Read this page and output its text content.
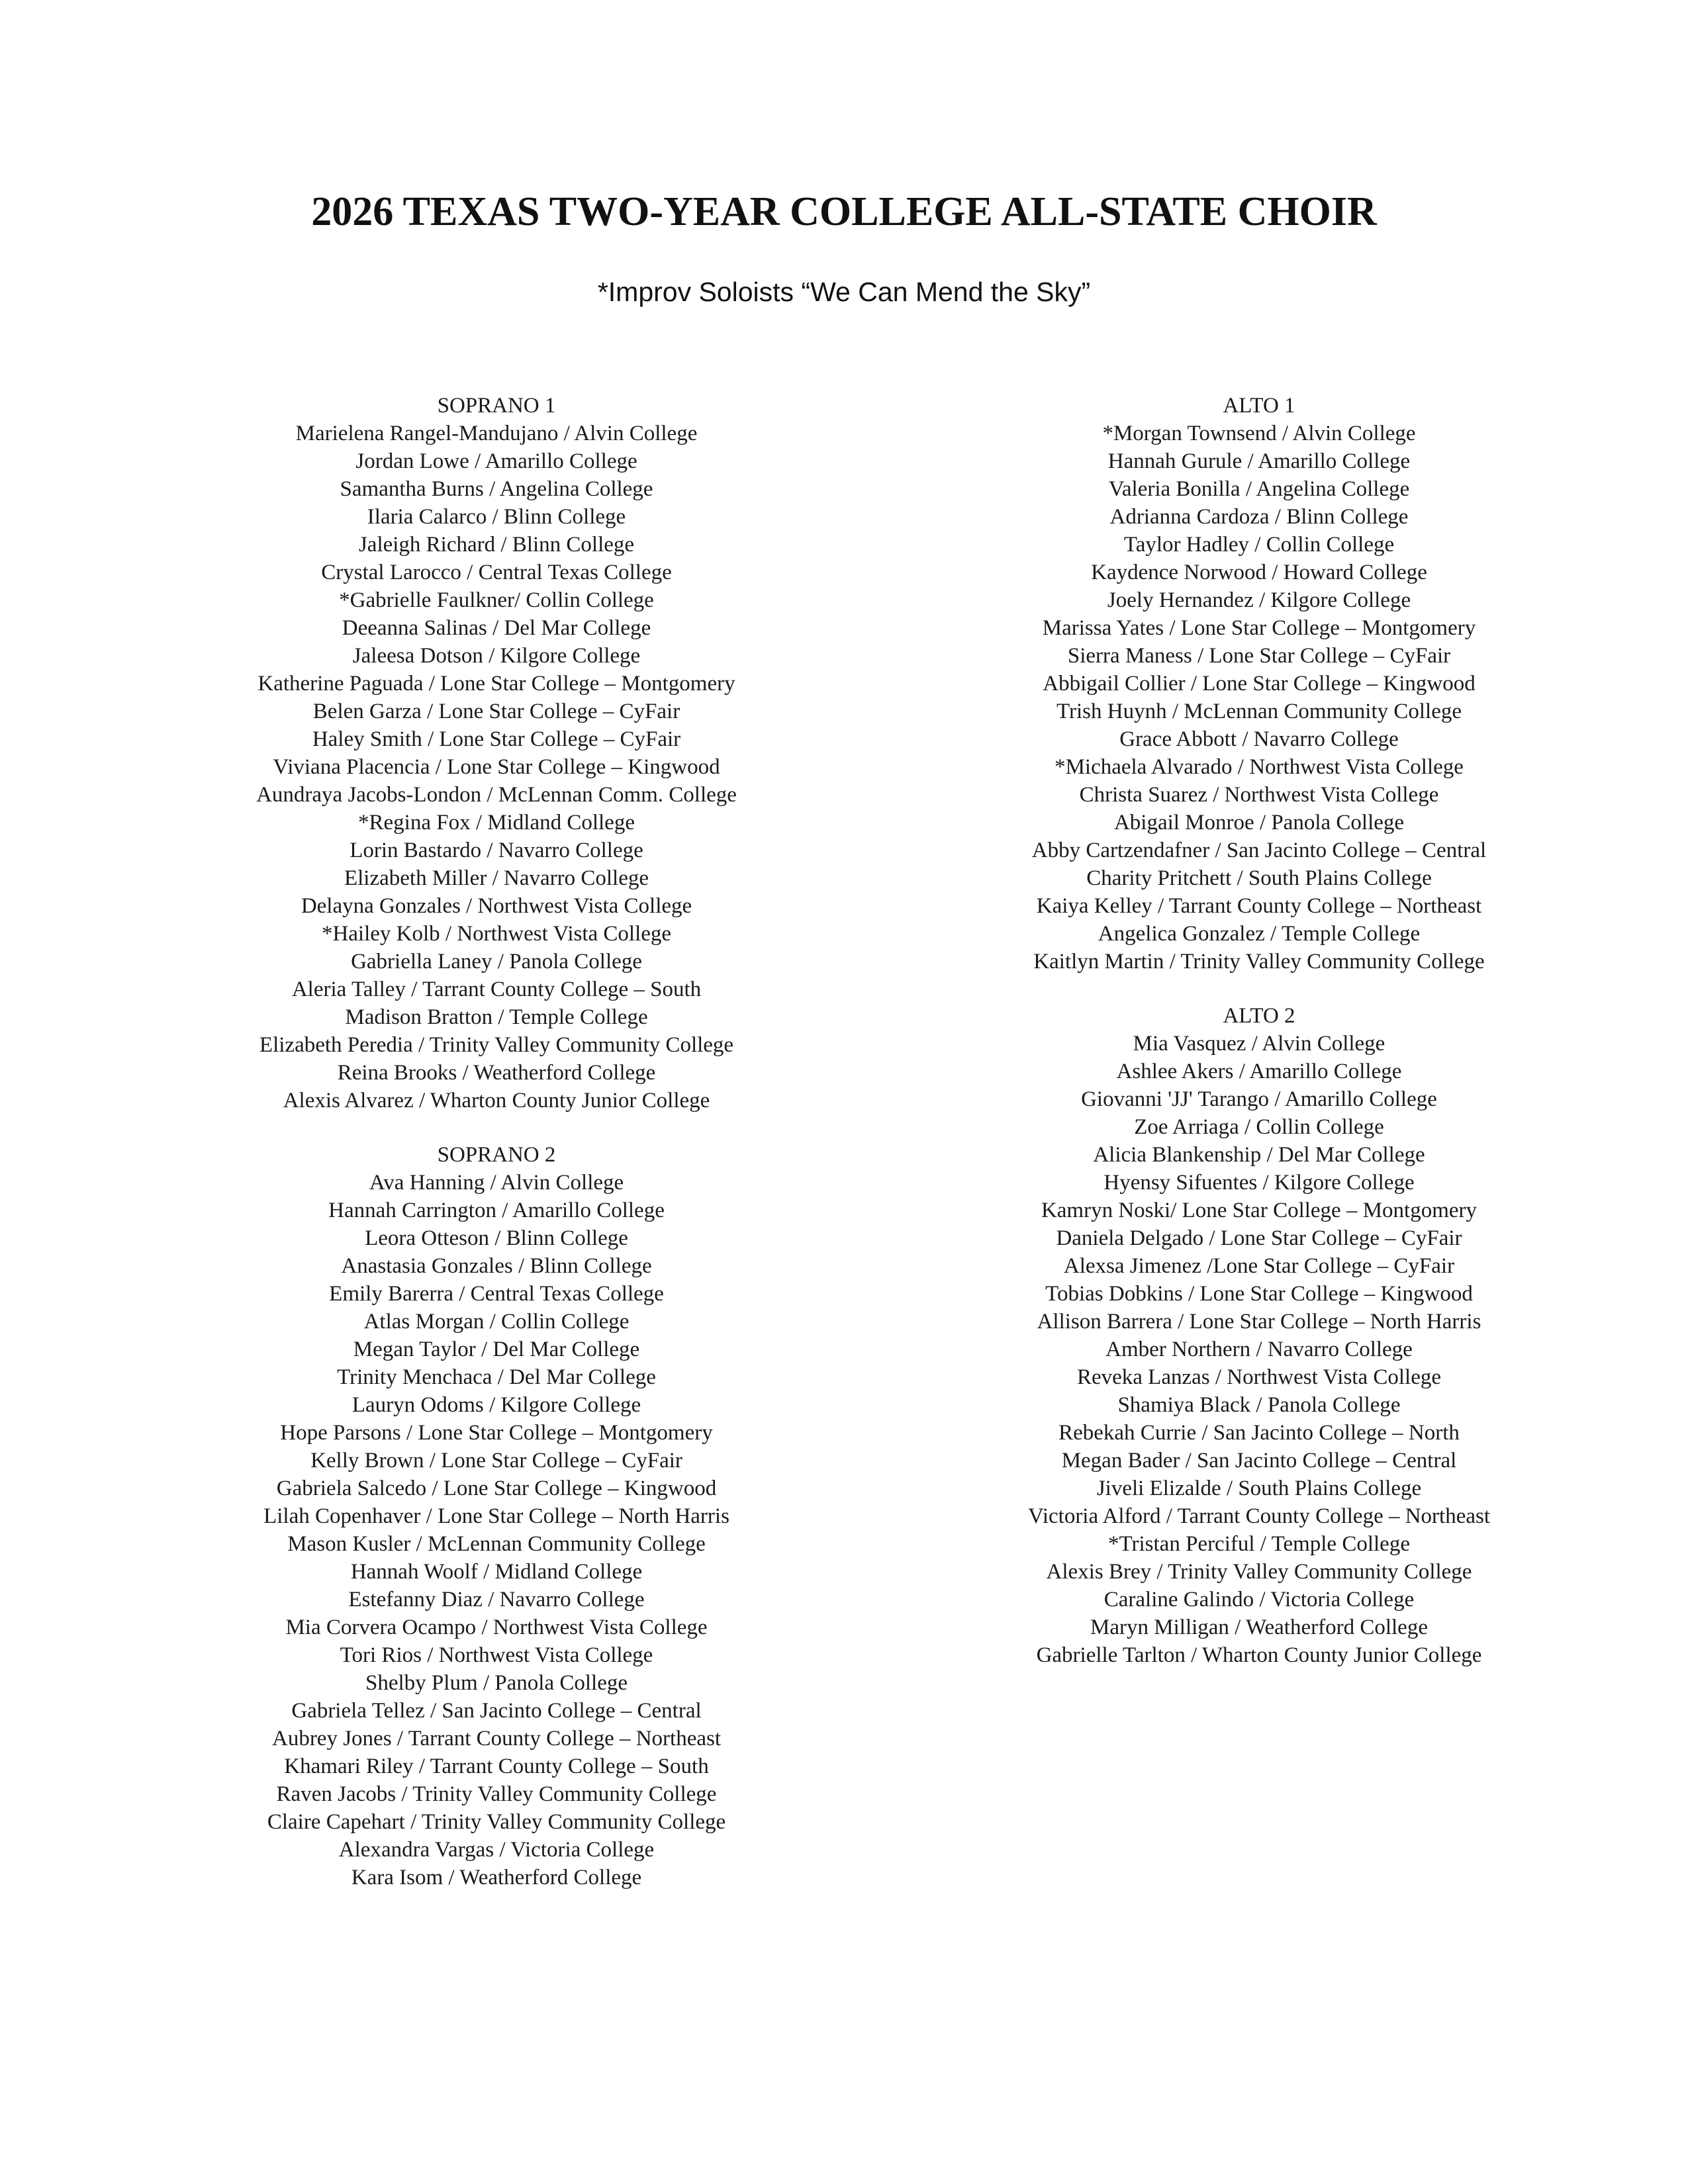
2026 TEXAS TWO-YEAR COLLEGE ALL-STATE CHOIR
*Improv Soloists “We Can Mend the Sky”
SOPRANO 1
Marielena Rangel-Mandujano / Alvin College
Jordan Lowe / Amarillo College
Samantha Burns / Angelina College
Ilaria Calarco / Blinn College
Jaleigh Richard / Blinn College
Crystal Larocco / Central Texas College
*Gabrielle Faulkner/ Collin College
Deeanna Salinas / Del Mar College
Jaleesa Dotson / Kilgore College
Katherine Paguada / Lone Star College – Montgomery
Belen Garza / Lone Star College – CyFair
Haley Smith / Lone Star College – CyFair
Viviana Placencia / Lone Star College – Kingwood
Aundraya Jacobs-London / McLennan Comm. College
*Regina Fox / Midland College
Lorin Bastardo / Navarro College
Elizabeth Miller / Navarro College
Delayna Gonzales / Northwest Vista College
*Hailey Kolb / Northwest Vista College
Gabriella Laney / Panola College
Aleria Talley / Tarrant County College – South
Madison Bratton / Temple College
Elizabeth Peredia / Trinity Valley Community College
Reina Brooks / Weatherford College
Alexis Alvarez / Wharton County Junior College
SOPRANO 2
Ava Hanning / Alvin College
Hannah Carrington / Amarillo College
Leora Otteson / Blinn College
Anastasia Gonzales / Blinn College
Emily Barerra / Central Texas College
Atlas Morgan / Collin College
Megan Taylor / Del Mar College
Trinity Menchaca / Del Mar College
Lauryn Odoms / Kilgore College
Hope Parsons / Lone Star College – Montgomery
Kelly Brown / Lone Star College – CyFair
Gabriela Salcedo / Lone Star College – Kingwood
Lilah Copenhaver / Lone Star College – North Harris
Mason Kusler / McLennan Community College
Hannah Woolf / Midland College
Estefanny Diaz / Navarro College
Mia Corvera Ocampo / Northwest Vista College
Tori Rios / Northwest Vista College
Shelby Plum / Panola College
Gabriela Tellez / San Jacinto College – Central
Aubrey Jones / Tarrant County College – Northeast
Khamari Riley / Tarrant County College – South
Raven Jacobs / Trinity Valley Community College
Claire Capehart / Trinity Valley Community College
Alexandra Vargas / Victoria College
Kara Isom / Weatherford College
ALTO 1
*Morgan Townsend / Alvin College
Hannah Gurule / Amarillo College
Valeria Bonilla / Angelina College
Adrianna Cardoza / Blinn College
Taylor Hadley / Collin College
Kaydence Norwood / Howard College
Joely Hernandez / Kilgore College
Marissa Yates / Lone Star College – Montgomery
Sierra Maness / Lone Star College – CyFair
Abbigail Collier / Lone Star College – Kingwood
Trish Huynh / McLennan Community College
Grace Abbott / Navarro College
*Michaela Alvarado / Northwest Vista College
Christa Suarez / Northwest Vista College
Abigail Monroe / Panola College
Abby Cartzendafner / San Jacinto College – Central
Charity Pritchett / South Plains College
Kaiya Kelley / Tarrant County College – Northeast
Angelica Gonzalez / Temple College
Kaitlyn Martin / Trinity Valley Community College
ALTO 2
Mia Vasquez / Alvin College
Ashlee Akers / Amarillo College
Giovanni 'JJ' Tarango / Amarillo College
Zoe Arriaga / Collin College
Alicia Blankenship / Del Mar College
Hyensy Sifuentes / Kilgore College
Kamryn Noski/ Lone Star College – Montgomery
Daniela Delgado / Lone Star College – CyFair
Alexsa Jimenez /Lone Star College – CyFair
Tobias Dobkins / Lone Star College – Kingwood
Allison Barrera / Lone Star College – North Harris
Amber Northern / Navarro College
Reveka Lanzas / Northwest Vista College
Shamiya Black / Panola College
Rebekah Currie / San Jacinto College – North
Megan Bader / San Jacinto College – Central
Jiveli Elizalde / South Plains College
Victoria Alford / Tarrant County College – Northeast
*Tristan Perciful / Temple College
Alexis Brey / Trinity Valley Community College
Caraline Galindo / Victoria College
Maryn Milligan / Weatherford College
Gabrielle Tarlton / Wharton County Junior College
